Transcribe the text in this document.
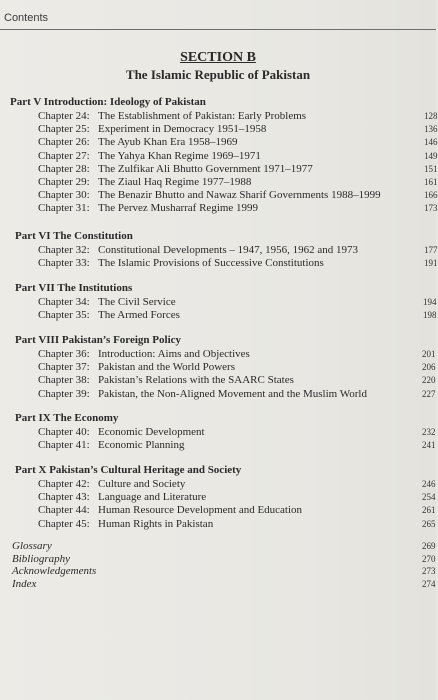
Contents
SECTION B
The Islamic Republic of Pakistan
Part V Introduction: Ideology of Pakistan
Chapter 24: The Establishment of Pakistan: Early Problems	128
Chapter 25: Experiment in Democracy 1951–1958	136
Chapter 26: The Ayub Khan Era 1958–1969	146
Chapter 27: The Yahya Khan Regime 1969–1971	149
Chapter 28: The Zulfikar Ali Bhutto Government 1971–1977	151
Chapter 29: The Ziaul Haq Regime 1977–1988	161
Chapter 30: The Benazir Bhutto and Nawaz Sharif Governments 1988–1999	166
Chapter 31: The Pervez Musharraf Regime 1999	173
Part VI The Constitution
Chapter 32: Constitutional Developments – 1947, 1956, 1962 and 1973	177
Chapter 33: The Islamic Provisions of Successive Constitutions	191
Part VII The Institutions
Chapter 34: The Civil Service	194
Chapter 35: The Armed Forces	198
Part VIII Pakistan’s Foreign Policy
Chapter 36: Introduction: Aims and Objectives	201
Chapter 37: Pakistan and the World Powers	206
Chapter 38: Pakistan’s Relations with the SAARC States	220
Chapter 39: Pakistan, the Non-Aligned Movement and the Muslim World	227
Part IX The Economy
Chapter 40: Economic Development	232
Chapter 41: Economic Planning	241
Part X Pakistan’s Cultural Heritage and Society
Chapter 42: Culture and Society	246
Chapter 43: Language and Literature	254
Chapter 44: Human Resource Development and Education	261
Chapter 45: Human Rights in Pakistan	265
Glossary	269
Bibliography	270
Acknowledgements	273
Index	274
